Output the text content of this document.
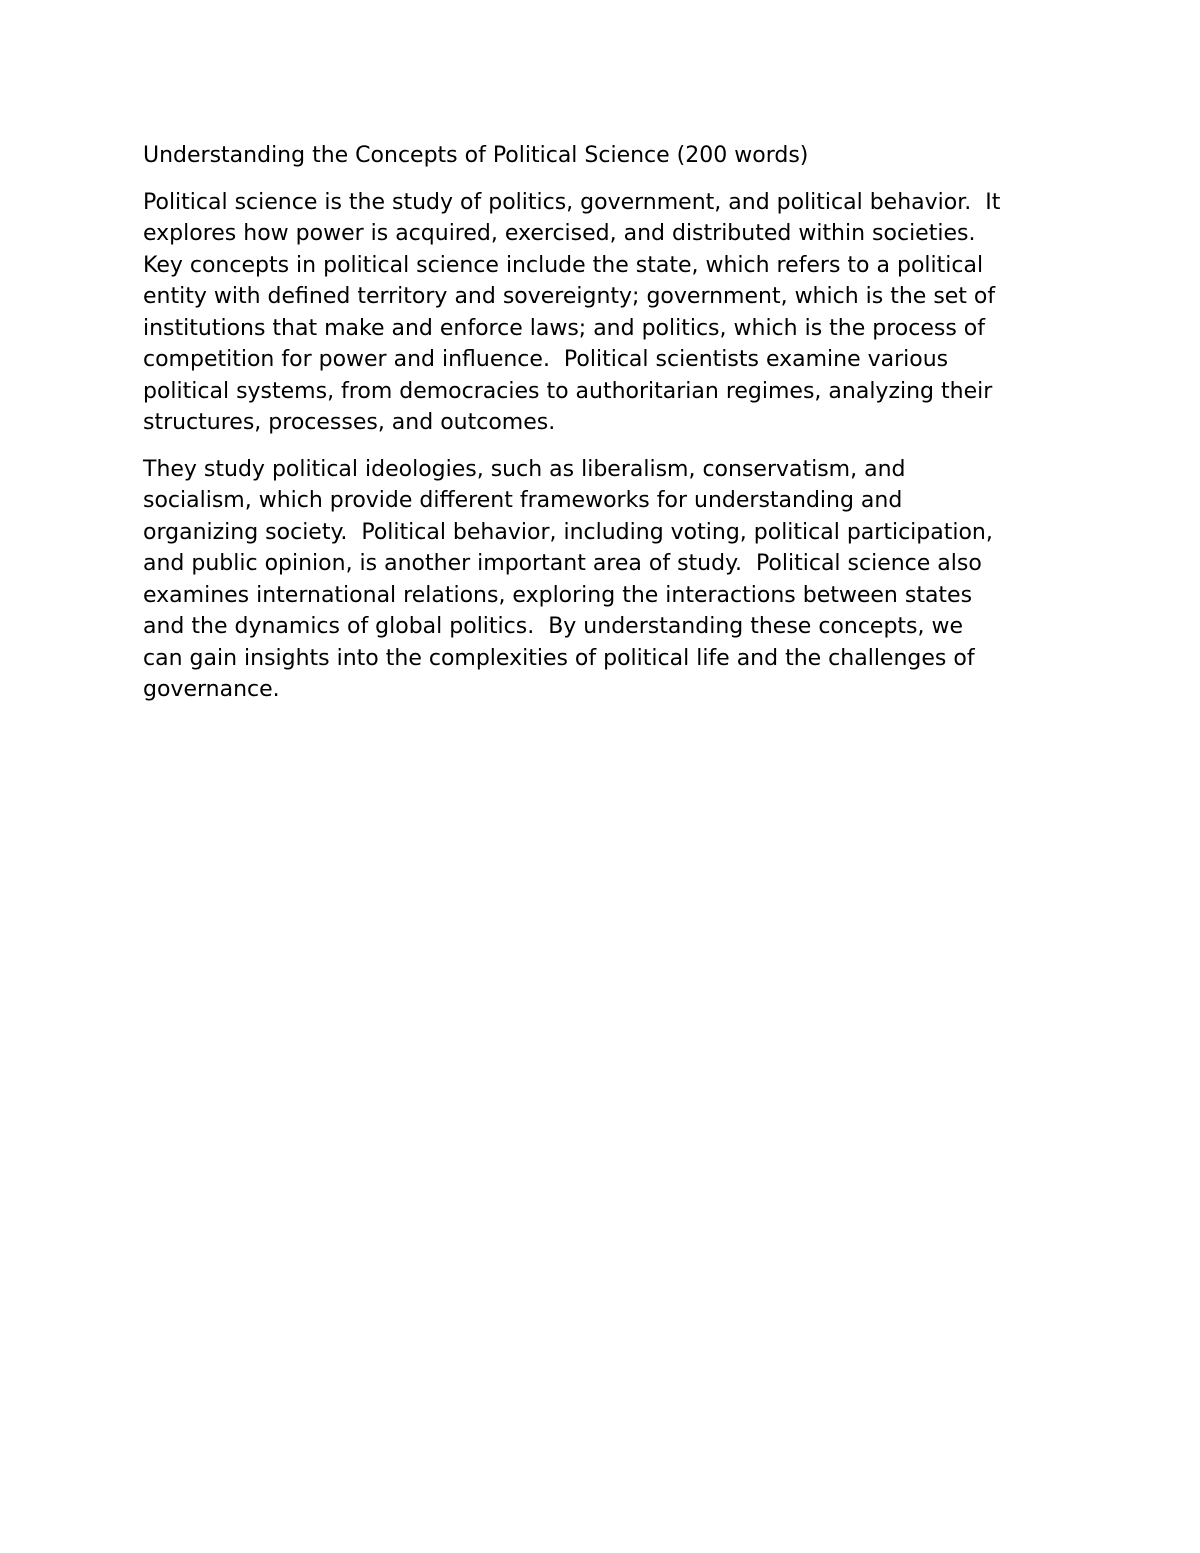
Understanding the Concepts of Political Science (200 words)
Political science is the study of politics, government, and political behavior.  It
explores how power is acquired, exercised, and distributed within societies.
Key concepts in political science include the state, which refers to a political
entity with defined territory and sovereignty; government, which is the set of
institutions that make and enforce laws; and politics, which is the process of
competition for power and influence.  Political scientists examine various
political systems, from democracies to authoritarian regimes, analyzing their
structures, processes, and outcomes.
They study political ideologies, such as liberalism, conservatism, and
socialism, which provide different frameworks for understanding and
organizing society.  Political behavior, including voting, political participation,
and public opinion, is another important area of study.  Political science also
examines international relations, exploring the interactions between states
and the dynamics of global politics.  By understanding these concepts, we
can gain insights into the complexities of political life and the challenges of
governance.
